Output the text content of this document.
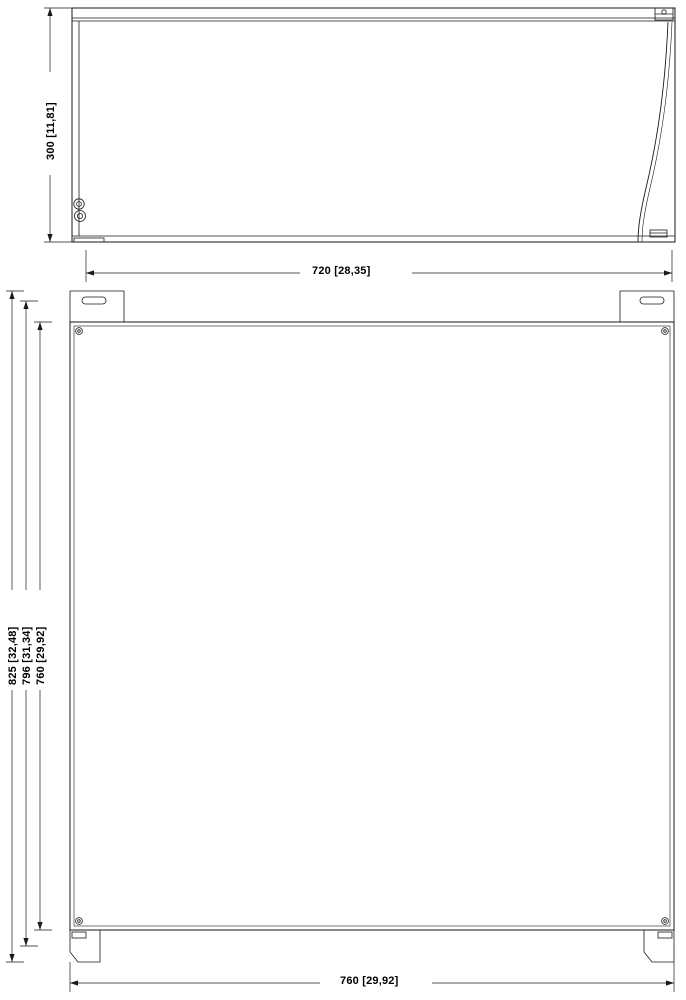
300 [11,81]
720 [28,35]
825 [32,48] 796 [31,34] 760 [29,92]
760 [29,92]
